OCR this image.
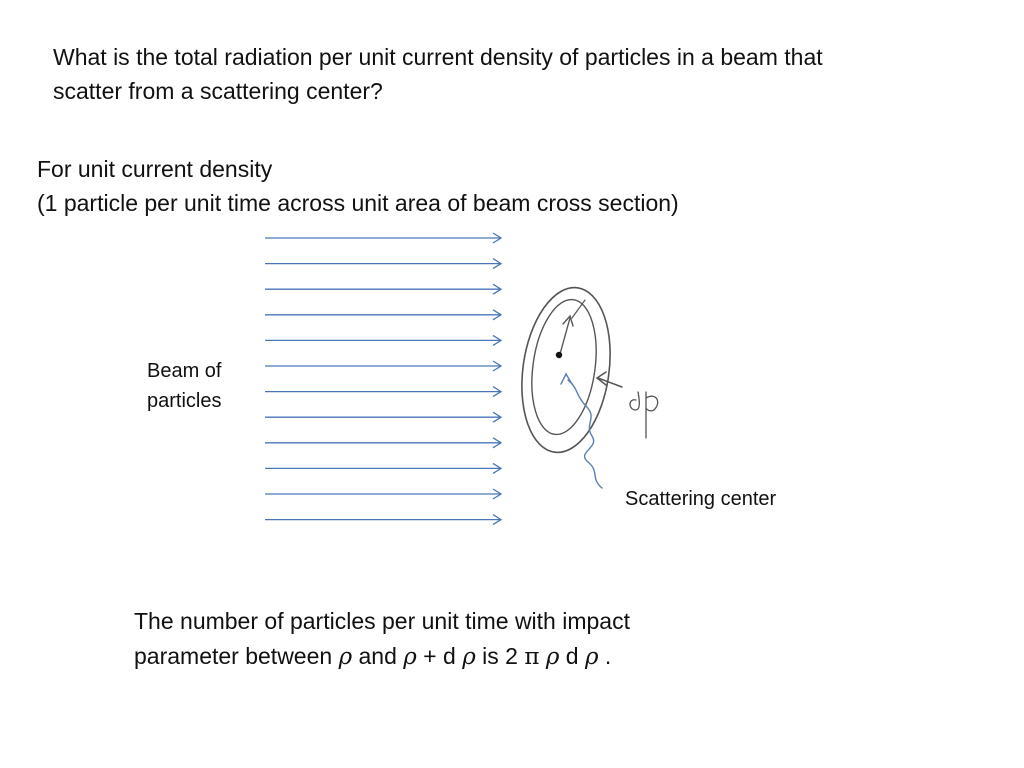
What is the total radiation per unit current density of particles in a beam that
scatter from a scattering center?
For unit current density
(1 particle per unit time across unit area of beam cross section)
Beam of
particles
Scattering center
The number of particles per unit time with impact
parameter between ρ and ρ + d ρ is 2 π ρ d ρ .
